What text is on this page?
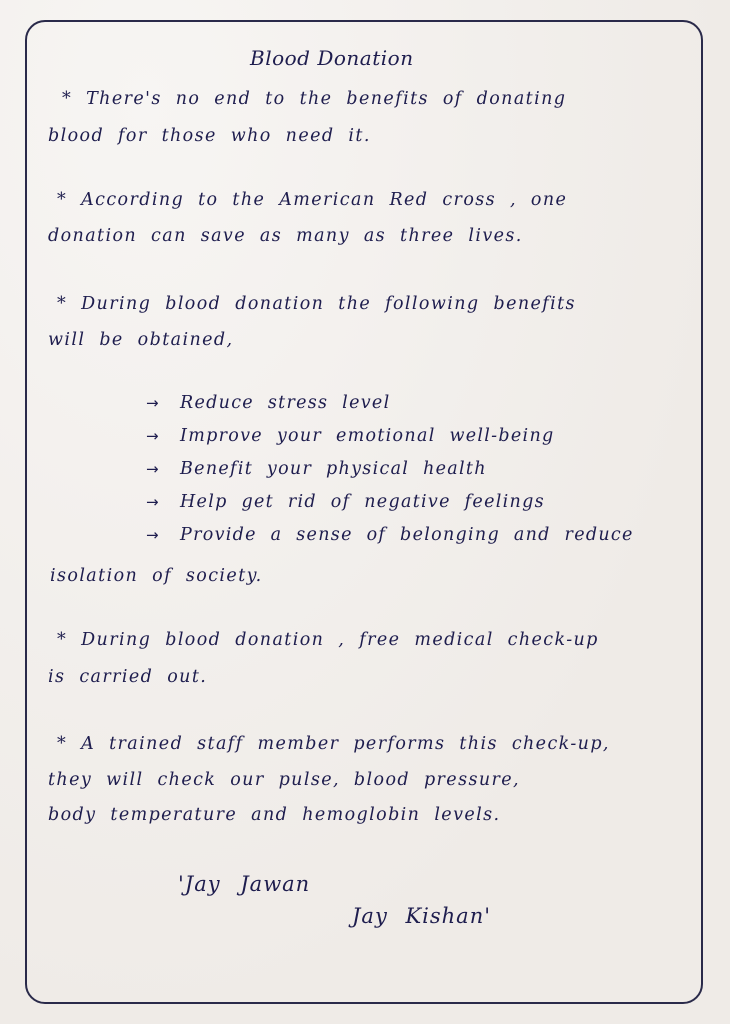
Blood Donation
* There's no end to the benefits of donating
blood for those who need it.
* According to the American Red cross , one
donation can save as many as three lives.
* During blood donation the following benefits
will be obtained,
→ Reduce stress level
→ Improve your emotional well-being
→ Benefit your physical health
→ Help get rid of negative feelings
→ Provide a sense of belonging and reduce
isolation of society.
* During blood donation , free medical check-up
is carried out.
* A trained staff member performs this check-up,
they will check our pulse, blood pressure,
body temperature and hemoglobin levels.
'Jay Jawan
Jay Kishan'
